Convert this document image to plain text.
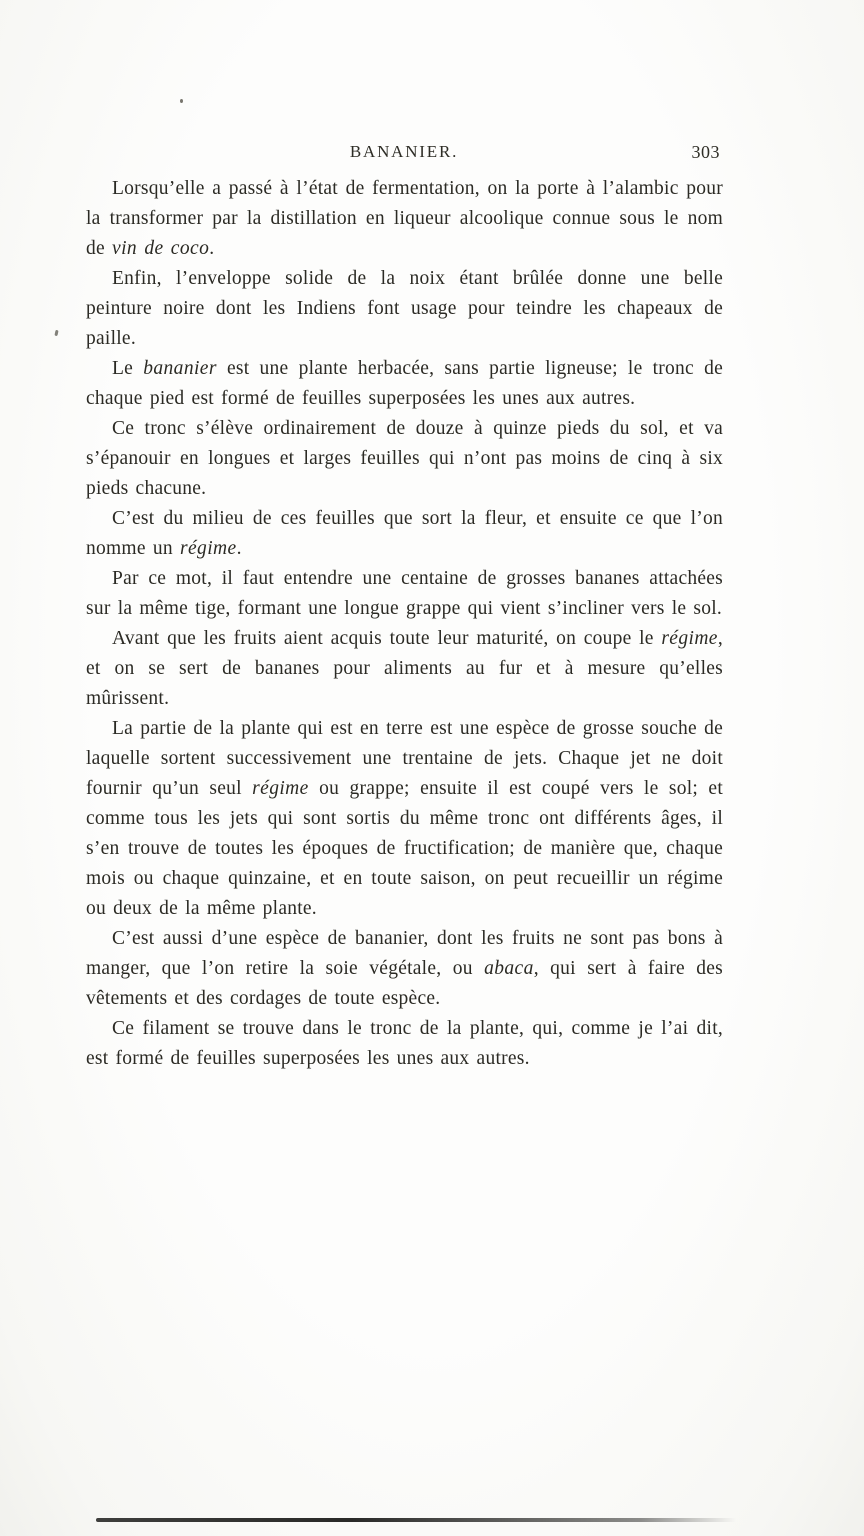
BANANIER.	303

Lorsqu’elle a passé à l’état de fermentation, on la porte à l’alambic pour la transformer par la distillation en liqueur alcoolique connue sous le nom de vin de coco.

Enfin, l’enveloppe solide de la noix étant brûlée donne une belle peinture noire dont les Indiens font usage pour teindre les chapeaux de paille.

Le bananier est une plante herbacée, sans partie ligneuse; le tronc de chaque pied est formé de feuilles superposées les unes aux autres.

Ce tronc s’élève ordinairement de douze à quinze pieds du sol, et va s’épanouir en longues et larges feuilles qui n’ont pas moins de cinq à six pieds chacune.

C’est du milieu de ces feuilles que sort la fleur, et ensuite ce que l’on nomme un régime.

Par ce mot, il faut entendre une centaine de grosses bananes attachées sur la même tige, formant une longue grappe qui vient s’incliner vers le sol.

Avant que les fruits aient acquis toute leur maturité, on coupe le régime, et on se sert de bananes pour aliments au fur et à mesure qu’elles mûrissent.

La partie de la plante qui est en terre est une espèce de grosse souche de laquelle sortent successivement une trentaine de jets. Chaque jet ne doit fournir qu’un seul régime ou grappe; ensuite il est coupé vers le sol; et comme tous les jets qui sont sortis du même tronc ont différents âges, il s’en trouve de toutes les époques de fructification; de manière que, chaque mois ou chaque quinzaine, et en toute saison, on peut recueillir un régime ou deux de la même plante.

C’est aussi d’une espèce de bananier, dont les fruits ne sont pas bons à manger, que l’on retire la soie végétale, ou abaca, qui sert à faire des vêtements et des cordages de toute espèce.

Ce filament se trouve dans le tronc de la plante, qui, comme je l’ai dit, est formé de feuilles superposées les unes aux autres.
